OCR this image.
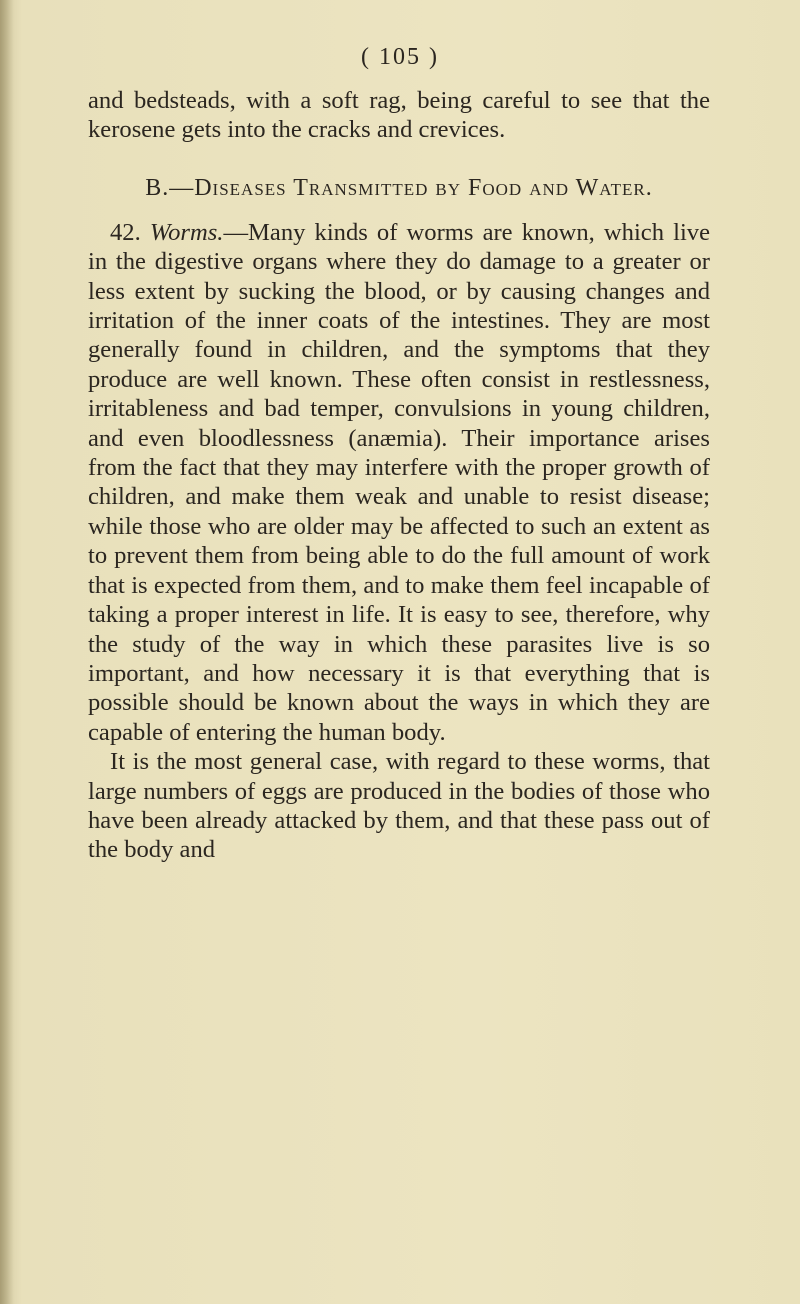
( 105 )

and bedsteads, with a soft rag, being careful to see that the kerosene gets into the cracks and crevices.

B.—Diseases Transmitted by Food and Water.

42. Worms.—Many kinds of worms are known, which live in the digestive organs where they do damage to a greater or less extent by sucking the blood, or by causing changes and irritation of the inner coats of the intestines. They are most generally found in children, and the symptoms that they produce are well known. These often consist in restlessness, irritableness and bad temper, convulsions in young children, and even bloodlessness (anæmia). Their importance arises from the fact that they may interfere with the proper growth of children, and make them weak and unable to resist disease; while those who are older may be affected to such an extent as to prevent them from being able to do the full amount of work that is expected from them, and to make them feel incapable of taking a proper interest in life. It is easy to see, therefore, why the study of the way in which these parasites live is so important, and how necessary it is that everything that is possible should be known about the ways in which they are capable of entering the human body.

It is the most general case, with regard to these worms, that large numbers of eggs are produced in the bodies of those who have been already attacked by them, and that these pass out of the body and
